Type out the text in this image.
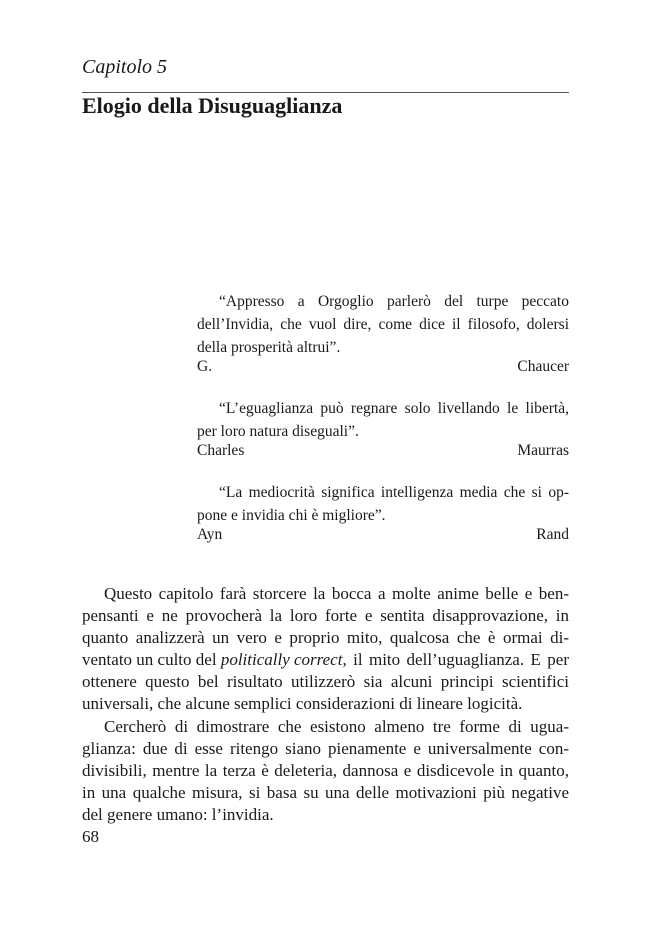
Capitolo 5
Elogio della Disuguaglianza
“Appresso a Orgoglio parlerò del turpe peccato
dell’Invidia, che vuol dire, come dice il filosofo, dolersi
della prosperità altrui”.
G. Chaucer
“L’eguaglianza può regnare solo livellando le libertà,
per loro natura diseguali”.
Charles Maurras
“La mediocrità significa intelligenza media che si op-
pone e invidia chi è migliore”.
Ayn Rand
Questo capitolo farà storcere la bocca a molte anime belle e ben-
pensanti e ne provocherà la loro forte e sentita disapprovazione, in
quanto analizzerà un vero e proprio mito, qualcosa che è ormai di-
ventato un culto del politically correct , il mito dell’uguaglianza. E per
ottenere questo bel risultato utilizzerò sia alcuni principi scientifici
universali, che alcune semplici considerazioni di lineare logicità.
Cercherò di dimostrare che esistono almeno tre forme di ugua-
glianza: due di esse ritengo siano pienamente e universalmente con-
divisibili, mentre la terza è deleteria, dannosa e disdicevole in quanto,
in una qualche misura, si basa su una delle motivazioni più negative
del genere umano: l’invidia.
68
